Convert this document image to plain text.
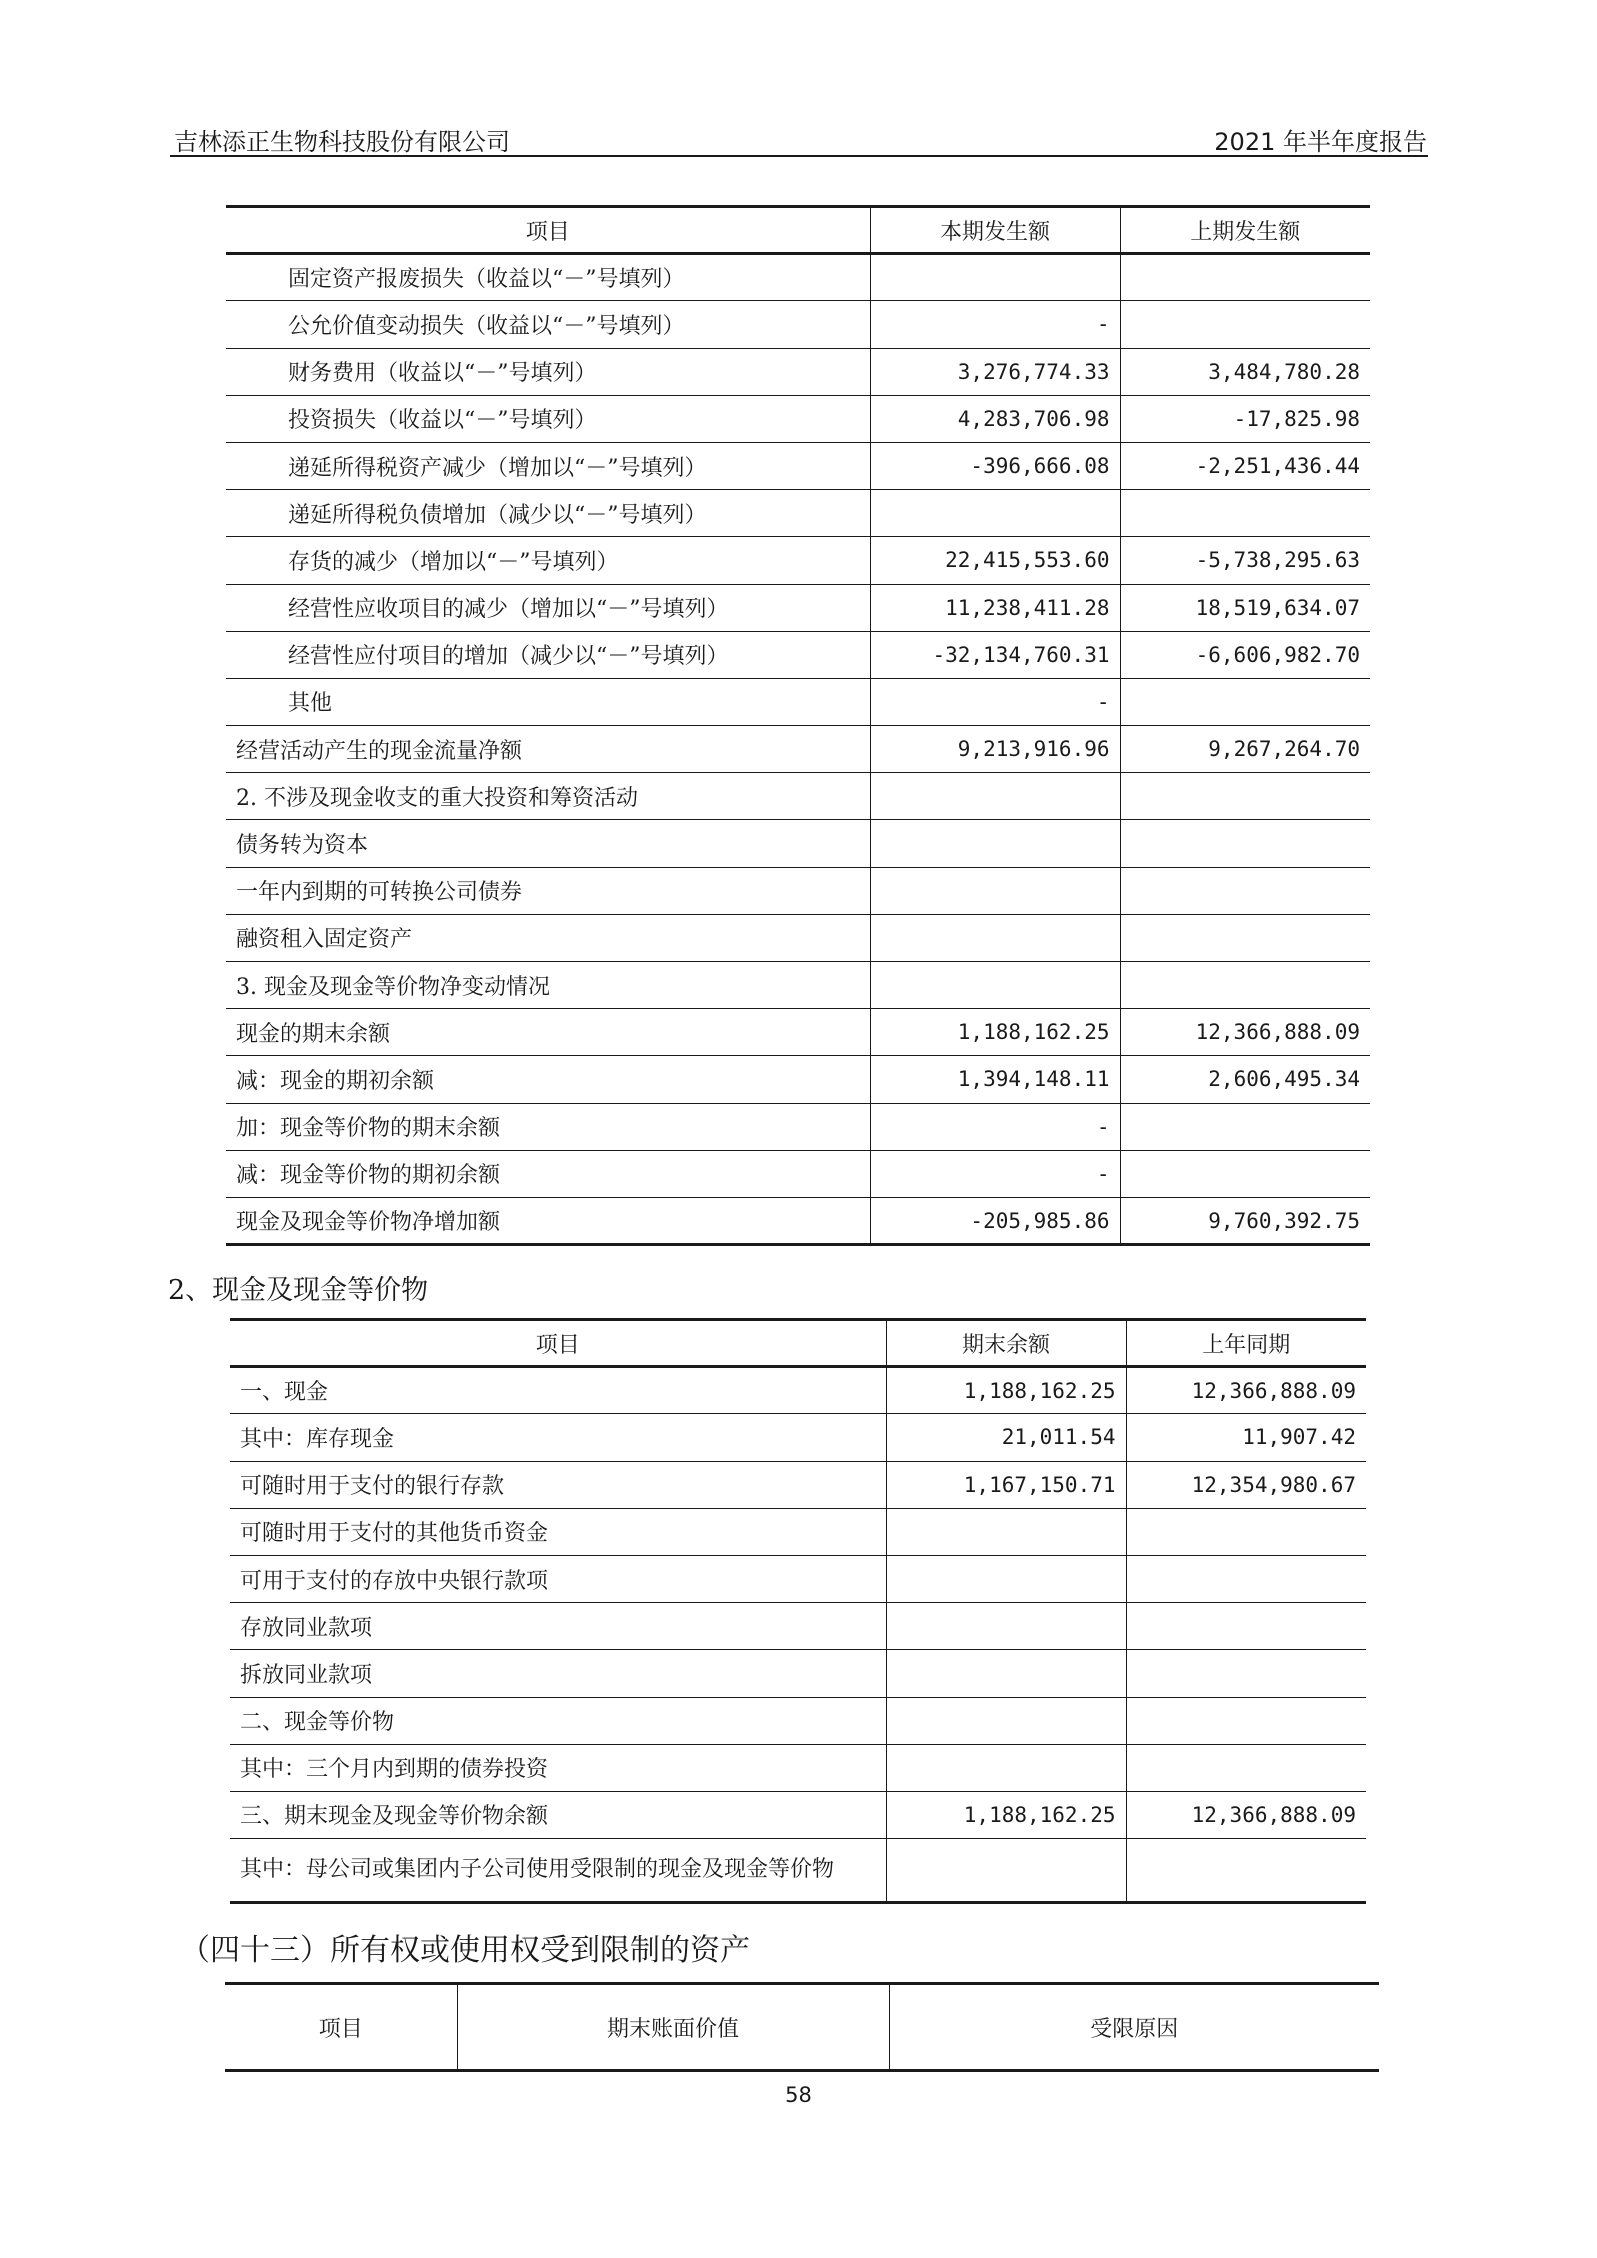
吉林添正生物科技股份有限公司	2021 年半年度报告
项目	本期发生额	上期发生额
固定资产报废损失（收益以“－”号填列）		
公允价值变动损失（收益以“－”号填列）	-	
财务费用（收益以“－”号填列）	3,276,774.33	3,484,780.28
投资损失（收益以“－”号填列）	4,283,706.98	-17,825.98
递延所得税资产减少（增加以“－”号填列）	-396,666.08	-2,251,436.44
递延所得税负债增加（减少以“－”号填列）		
存货的减少（增加以“－”号填列）	22,415,553.60	-5,738,295.63
经营性应收项目的减少（增加以“－”号填列）	11,238,411.28	18,519,634.07
经营性应付项目的增加（减少以“－”号填列）	-32,134,760.31	-6,606,982.70
其他	-	
经营活动产生的现金流量净额	9,213,916.96	9,267,264.70
2. 不涉及现金收支的重大投资和筹资活动		
债务转为资本		
一年内到期的可转换公司债券		
融资租入固定资产		
3. 现金及现金等价物净变动情况		
现金的期末余额	1,188,162.25	12,366,888.09
减：现金的期初余额	1,394,148.11	2,606,495.34
加：现金等价物的期末余额	-	
减：现金等价物的期初余额	-	
现金及现金等价物净增加额	-205,985.86	9,760,392.75
2、现金及现金等价物
项目	期末余额	上年同期
一、现金	1,188,162.25	12,366,888.09
其中：库存现金	21,011.54	11,907.42
可随时用于支付的银行存款	1,167,150.71	12,354,980.67
可随时用于支付的其他货币资金		
可用于支付的存放中央银行款项		
存放同业款项		
拆放同业款项		
二、现金等价物		
其中：三个月内到期的债券投资		
三、期末现金及现金等价物余额	1,188,162.25	12,366,888.09
其中：母公司或集团内子公司使用受限制的现金及现金等价物		
（四十三）所有权或使用权受到限制的资产
项目	期末账面价值	受限原因
58
